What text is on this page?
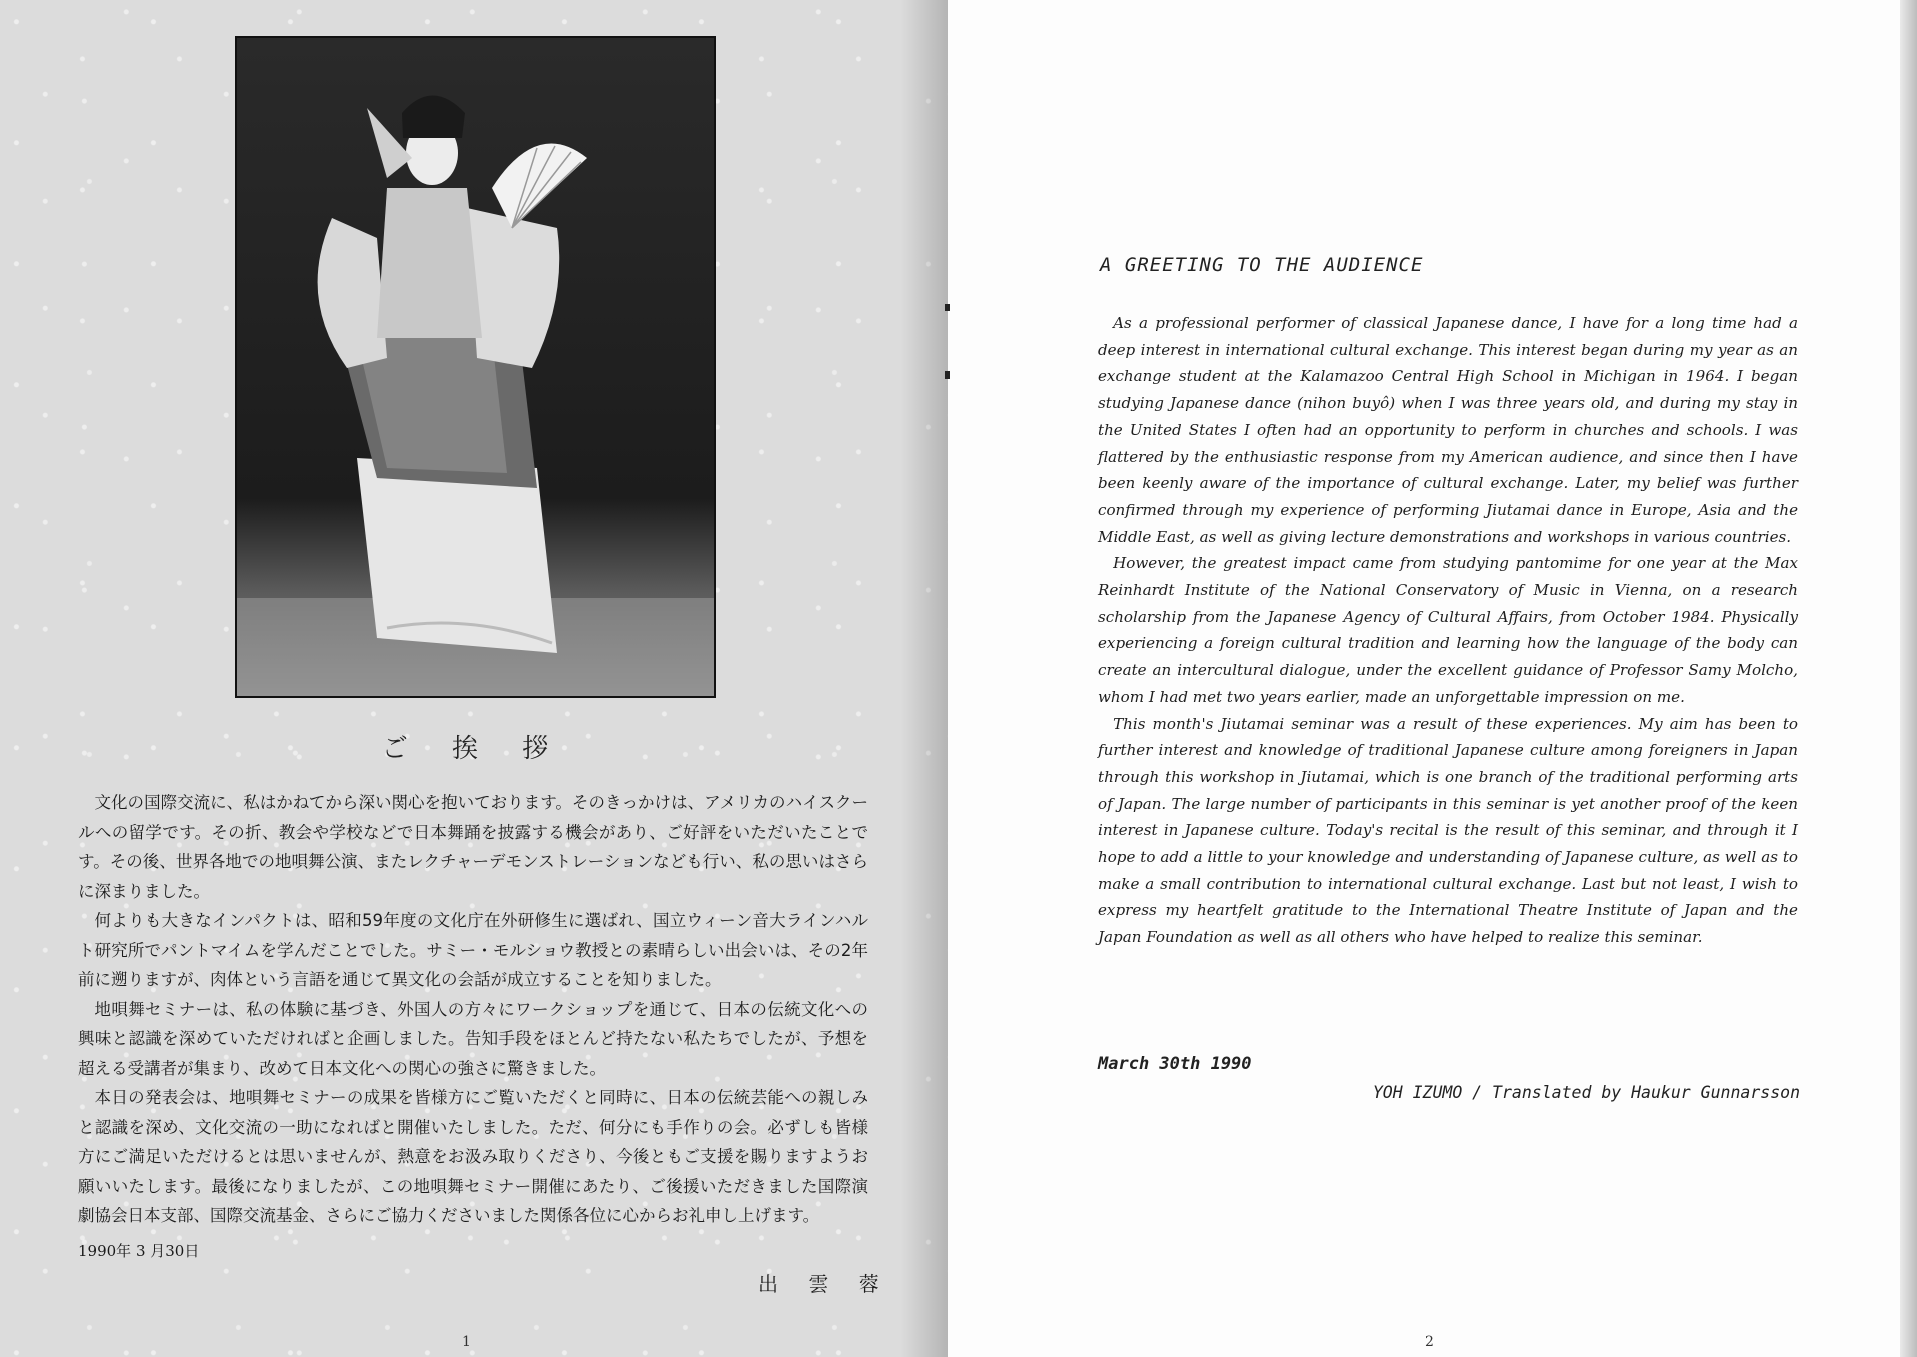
ご 挨 拶

文化の国際交流に、私はかねてから深い関心を抱いております。そのきっかけは、アメリカのハイスクールへの留学です。その折、教会や学校などで日本舞踊を披露する機会があり、ご好評をいただいたことです。その後、世界各地での地唄舞公演、またレクチャーデモンストレーションなども行い、私の思いはさらに深まりました。

何よりも大きなインパクトは、昭和59年度の文化庁在外研修生に選ばれ、国立ウィーン音大ラインハルト研究所でパントマイムを学んだことでした。サミー・モルショウ教授との素晴らしい出会いは、その2年前に遡りますが、肉体という言語を通じて異文化の会話が成立することを知りました。

地唄舞セミナーは、私の体験に基づき、外国人の方々にワークショップを通じて、日本の伝統文化への興味と認識を深めていただければと企画しました。告知手段をほとんど持たない私たちでしたが、予想を超える受講者が集まり、改めて日本文化への関心の強さに驚きました。

本日の発表会は、地唄舞セミナーの成果を皆様方にご覧いただくと同時に、日本の伝統芸能への親しみと認識を深め、文化交流の一助になればと開催いたしました。ただ、何分にも手作りの会。必ずしも皆様方にご満足いただけるとは思いませんが、熱意をお汲み取りくださり、今後ともご支援を賜りますようお願いいたします。最後になりましたが、この地唄舞セミナー開催にあたり、ご後援いただきました国際演劇協会日本支部、国際交流基金、さらにご協力くださいました関係各位に心からお礼申し上げます。

1990年 3 月30日
出 雲 蓉
1
A GREETING TO THE AUDIENCE

As a professional performer of classical Japanese dance, I have for a long time had a deep interest in international cultural exchange. This interest began during my year as an exchange student at the Kalamazoo Central High School in Michigan in 1964. I began studying Japanese dance (nihon buyô) when I was three years old, and during my stay in the United States I often had an opportunity to perform in churches and schools. I was flattered by the enthusiastic response from my American audience, and since then I have been keenly aware of the importance of cultural exchange. Later, my belief was further confirmed through my experience of performing Jiutamai dance in Europe, Asia and the Middle East, as well as giving lecture demonstrations and workshops in various countries.

However, the greatest impact came from studying pantomime for one year at the Max Reinhardt Institute of the National Conservatory of Music in Vienna, on a research scholarship from the Japanese Agency of Cultural Affairs, from October 1984. Physically experiencing a foreign cultural tradition and learning how the language of the body can create an intercultural dialogue, under the excellent guidance of Professor Samy Molcho, whom I had met two years earlier, made an unforgettable impression on me.

This month's Jiutamai seminar was a result of these experiences. My aim has been to further interest and knowledge of traditional Japanese culture among foreigners in Japan through this workshop in Jiutamai, which is one branch of the traditional performing arts of Japan. The large number of participants in this seminar is yet another proof of the keen interest in Japanese culture. Today's recital is the result of this seminar, and through it I hope to add a little to your knowledge and understanding of Japanese culture, as well as to make a small contribution to international cultural exchange. Last but not least, I wish to express my heartfelt gratitude to the International Theatre Institute of Japan and the Japan Foundation as well as all others who have helped to realize this seminar.

March 30th 1990
YOH IZUMO / Translated by Haukur Gunnarsson
2
